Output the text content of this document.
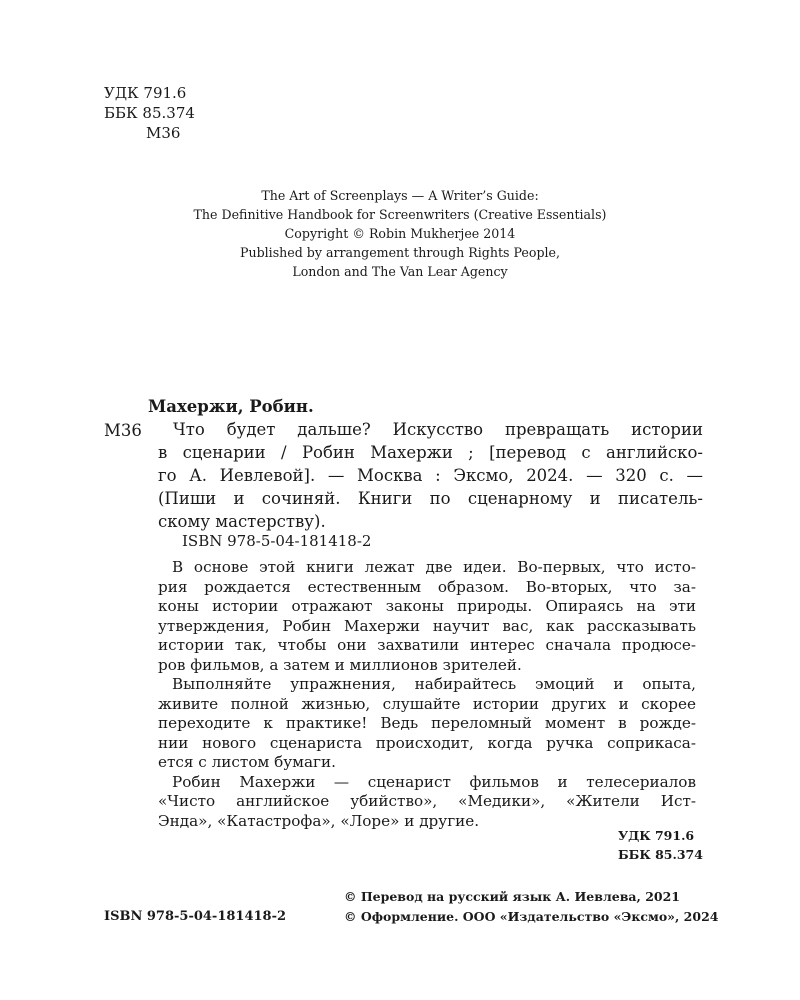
УДК 791.6
ББК 85.374
М36
The Art of Screenplays — A Writer’s Guide:
The Definitive Handbook for Screenwriters (Creative Essentials)
Copyright © Robin Mukherjee 2014
Published by arrangement through Rights People,
London and The Van Lear Agency
Махержи, Робин.
М36	Что будет дальше? Искусство превращать истории
в сценарии / Робин Махержи ; [перевод с английско-
го А. Иевлевой]. — Москва : Эксмо, 2024. — 320 с. —
(Пиши и сочиняй. Книги по сценарному и писатель-
скому мастерству).
ISBN 978-5-04-181418-2
В основе этой книги лежат две идеи. Во-первых, что исто-
рия рождается естественным образом. Во-вторых, что за-
коны истории отражают законы природы. Опираясь на эти
утверждения, Робин Махержи научит вас, как рассказывать
истории так, чтобы они захватили интерес сначала продюсе-
ров фильмов, а затем и миллионов зрителей.
Выполняйте упражнения, набирайтесь эмоций и опыта,
живите полной жизнью, слушайте истории других и скорее
переходите к практике! Ведь переломный момент в рожде-
нии нового сценариста происходит, когда ручка соприкаса-
ется с листом бумаги.
Робин Махержи — сценарист фильмов и телесериалов
«Чисто английское убийство», «Медики», «Жители Ист-
Энда», «Катастрофа», «Лоре» и другие.
УДК 791.6
ББК 85.374
ISBN 978-5-04-181418-2
© Перевод на русский язык А. Иевлева, 2021
© Оформление. ООО «Издательство «Эксмо», 2024
